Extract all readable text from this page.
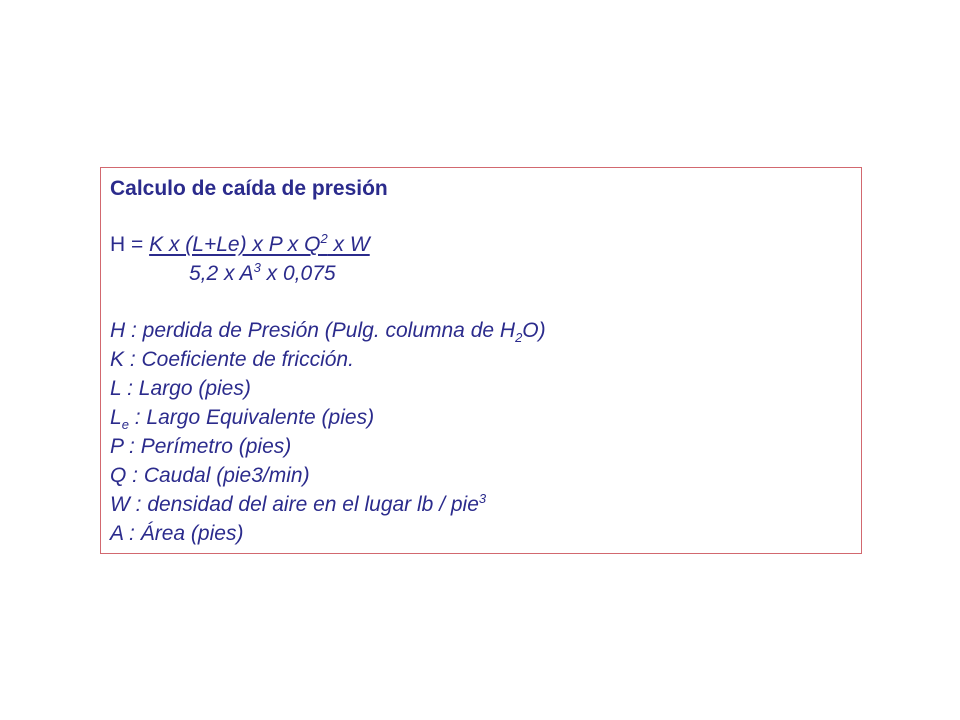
Calculo de caída de presión
H = K x (L+Le) x P x $Q^2$ x W
5,2 x $A^3$ x 0,075
H : perdida de Presión (Pulg. columna de $H_2O$)
K : Coeficiente de fricción.
L : Largo (pies)
$L_e$ : Largo Equivalente (pies)
P : Perímetro (pies)
Q : Caudal (pie3/min)
W : densidad del aire en el lugar lb / pie$^3$
A : Área (pies)
